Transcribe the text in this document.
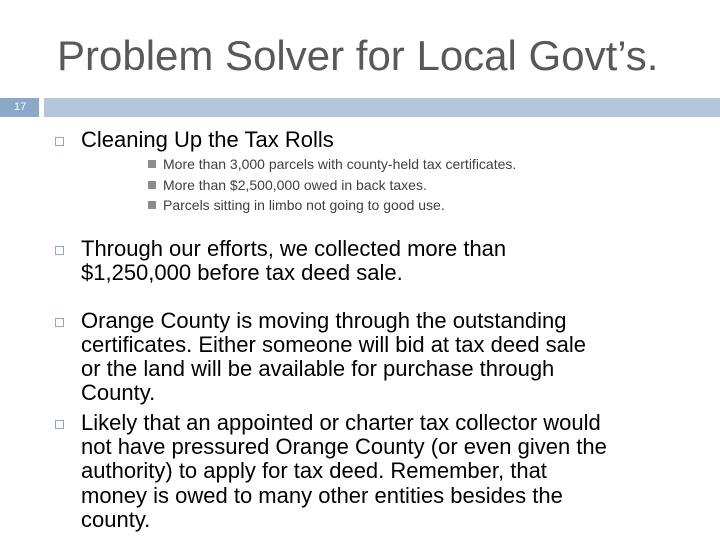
Problem Solver for Local Govt’s.
17
Cleaning Up the Tax Rolls
More than 3,000 parcels with county-held tax certificates.
More than $2,500,000 owed in back taxes.
Parcels sitting in limbo not going to good use.
Through our efforts, we collected more than
$1,250,000 before tax deed sale.
Orange County is moving through the outstanding
certificates. Either someone will bid at tax deed sale
or the land will be available for purchase through
County.
Likely that an appointed or charter tax collector would
not have pressured Orange County (or even given the
authority) to apply for tax deed. Remember, that
money is owed to many other entities besides the
county.
